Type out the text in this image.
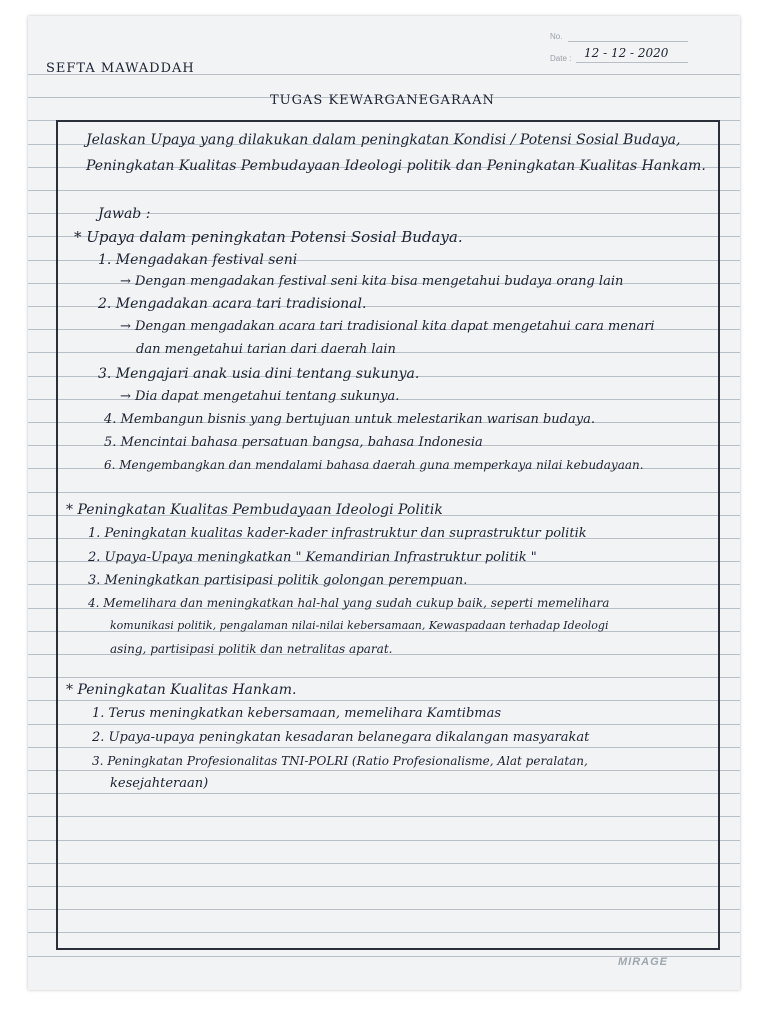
No.
Date : 12 - 12 - 2020
SEFTA MAWADDAH
TUGAS KEWARGANEGARAAN
Jelaskan Upaya yang dilakukan dalam peningkatan Kondisi / Potensi Sosial Budaya,
Peningkatan Kualitas Pembudayaan Ideologi politik dan Peningkatan Kualitas Hankam.
Jawab :
* Upaya dalam peningkatan Potensi Sosial Budaya.
1. Mengadakan festival seni
→ Dengan mengadakan festival seni kita bisa mengetahui budaya orang lain
2. Mengadakan acara tari tradisional.
→ Dengan mengadakan acara tari tradisional kita dapat mengetahui cara menari
dan mengetahui tarian dari daerah lain
3. Mengajari anak usia dini tentang sukunya.
→ Dia dapat mengetahui tentang sukunya.
4. Membangun bisnis yang bertujuan untuk melestarikan warisan budaya.
5. Mencintai bahasa persatuan bangsa, bahasa Indonesia
6. Mengembangkan dan mendalami bahasa daerah guna memperkaya nilai kebudayaan.
* Peningkatan Kualitas Pembudayaan Ideologi Politik
1. Peningkatan kualitas kader-kader infrastruktur dan suprastruktur politik
2. Upaya-Upaya meningkatkan " Kemandirian Infrastruktur politik "
3. Meningkatkan partisipasi politik golongan perempuan.
4. Memelihara dan meningkatkan hal-hal yang sudah cukup baik, seperti memelihara
komunikasi politik, pengalaman nilai-nilai kebersamaan, Kewaspadaan terhadap Ideologi
asing, partisipasi politik dan netralitas aparat.
* Peningkatan Kualitas Hankam.
1. Terus meningkatkan kebersamaan, memelihara Kamtibmas
2. Upaya-upaya peningkatan kesadaran belanegara dikalangan masyarakat
3. Peningkatan Profesionalitas TNI-POLRI (Ratio Profesionalisme, Alat peralatan,
kesejahteraan)
MIRAGE
